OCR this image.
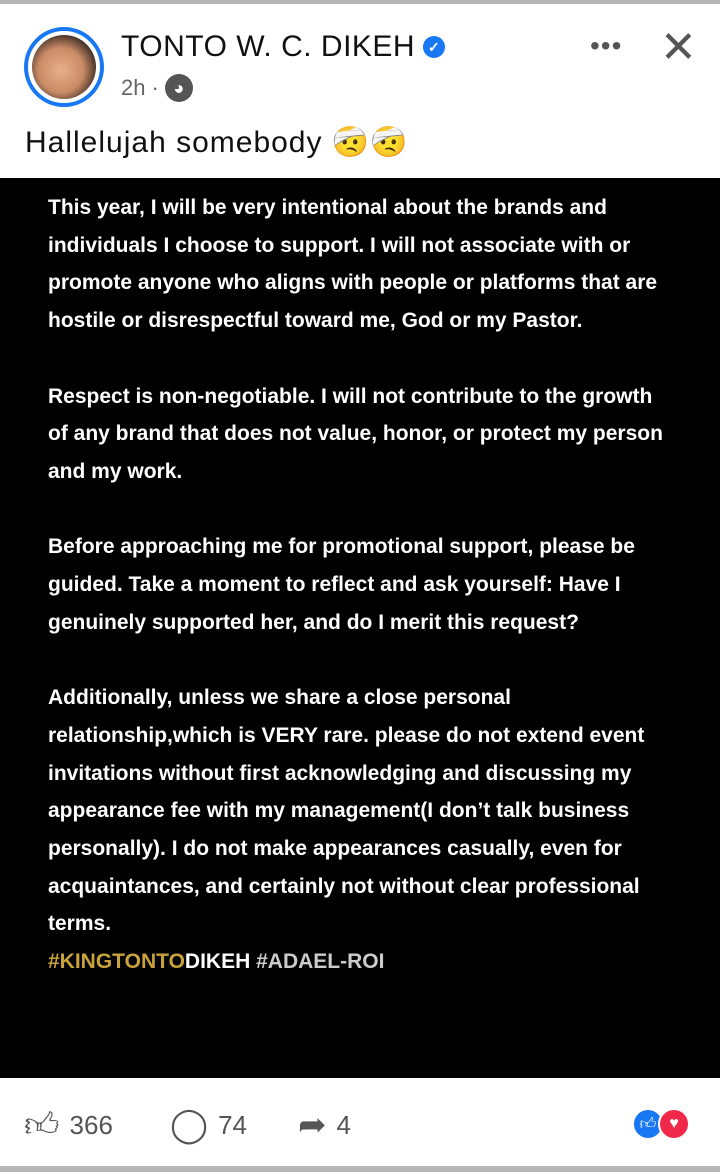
TONTO W. C. DIKEH ✓
2h · ◕
••• ✕
Hallelujah somebody 🤕🤕

This year, I will be very intentional about the brands and individuals I choose to support. I will not associate with or promote anyone who aligns with people or platforms that are hostile or disrespectful toward me, God or my Pastor.

Respect is non-negotiable. I will not contribute to the growth of any brand that does not value, honor, or protect my person and my work.

Before approaching me for promotional support, please be guided. Take a moment to reflect and ask yourself: Have I genuinely supported her, and do I merit this request?

Additionally, unless we share a close personal relationship,which is VERY rare. please do not extend event invitations without first acknowledging and discussing my appearance fee with my management(I don’t talk business personally). I do not make appearances casually, even for acquaintances, and certainly not without clear professional terms.

#KINGTONTODIKEH #ADAEL-ROI

👍︎ 366 ◯ 74 ➦ 4	👍︎ ♥
